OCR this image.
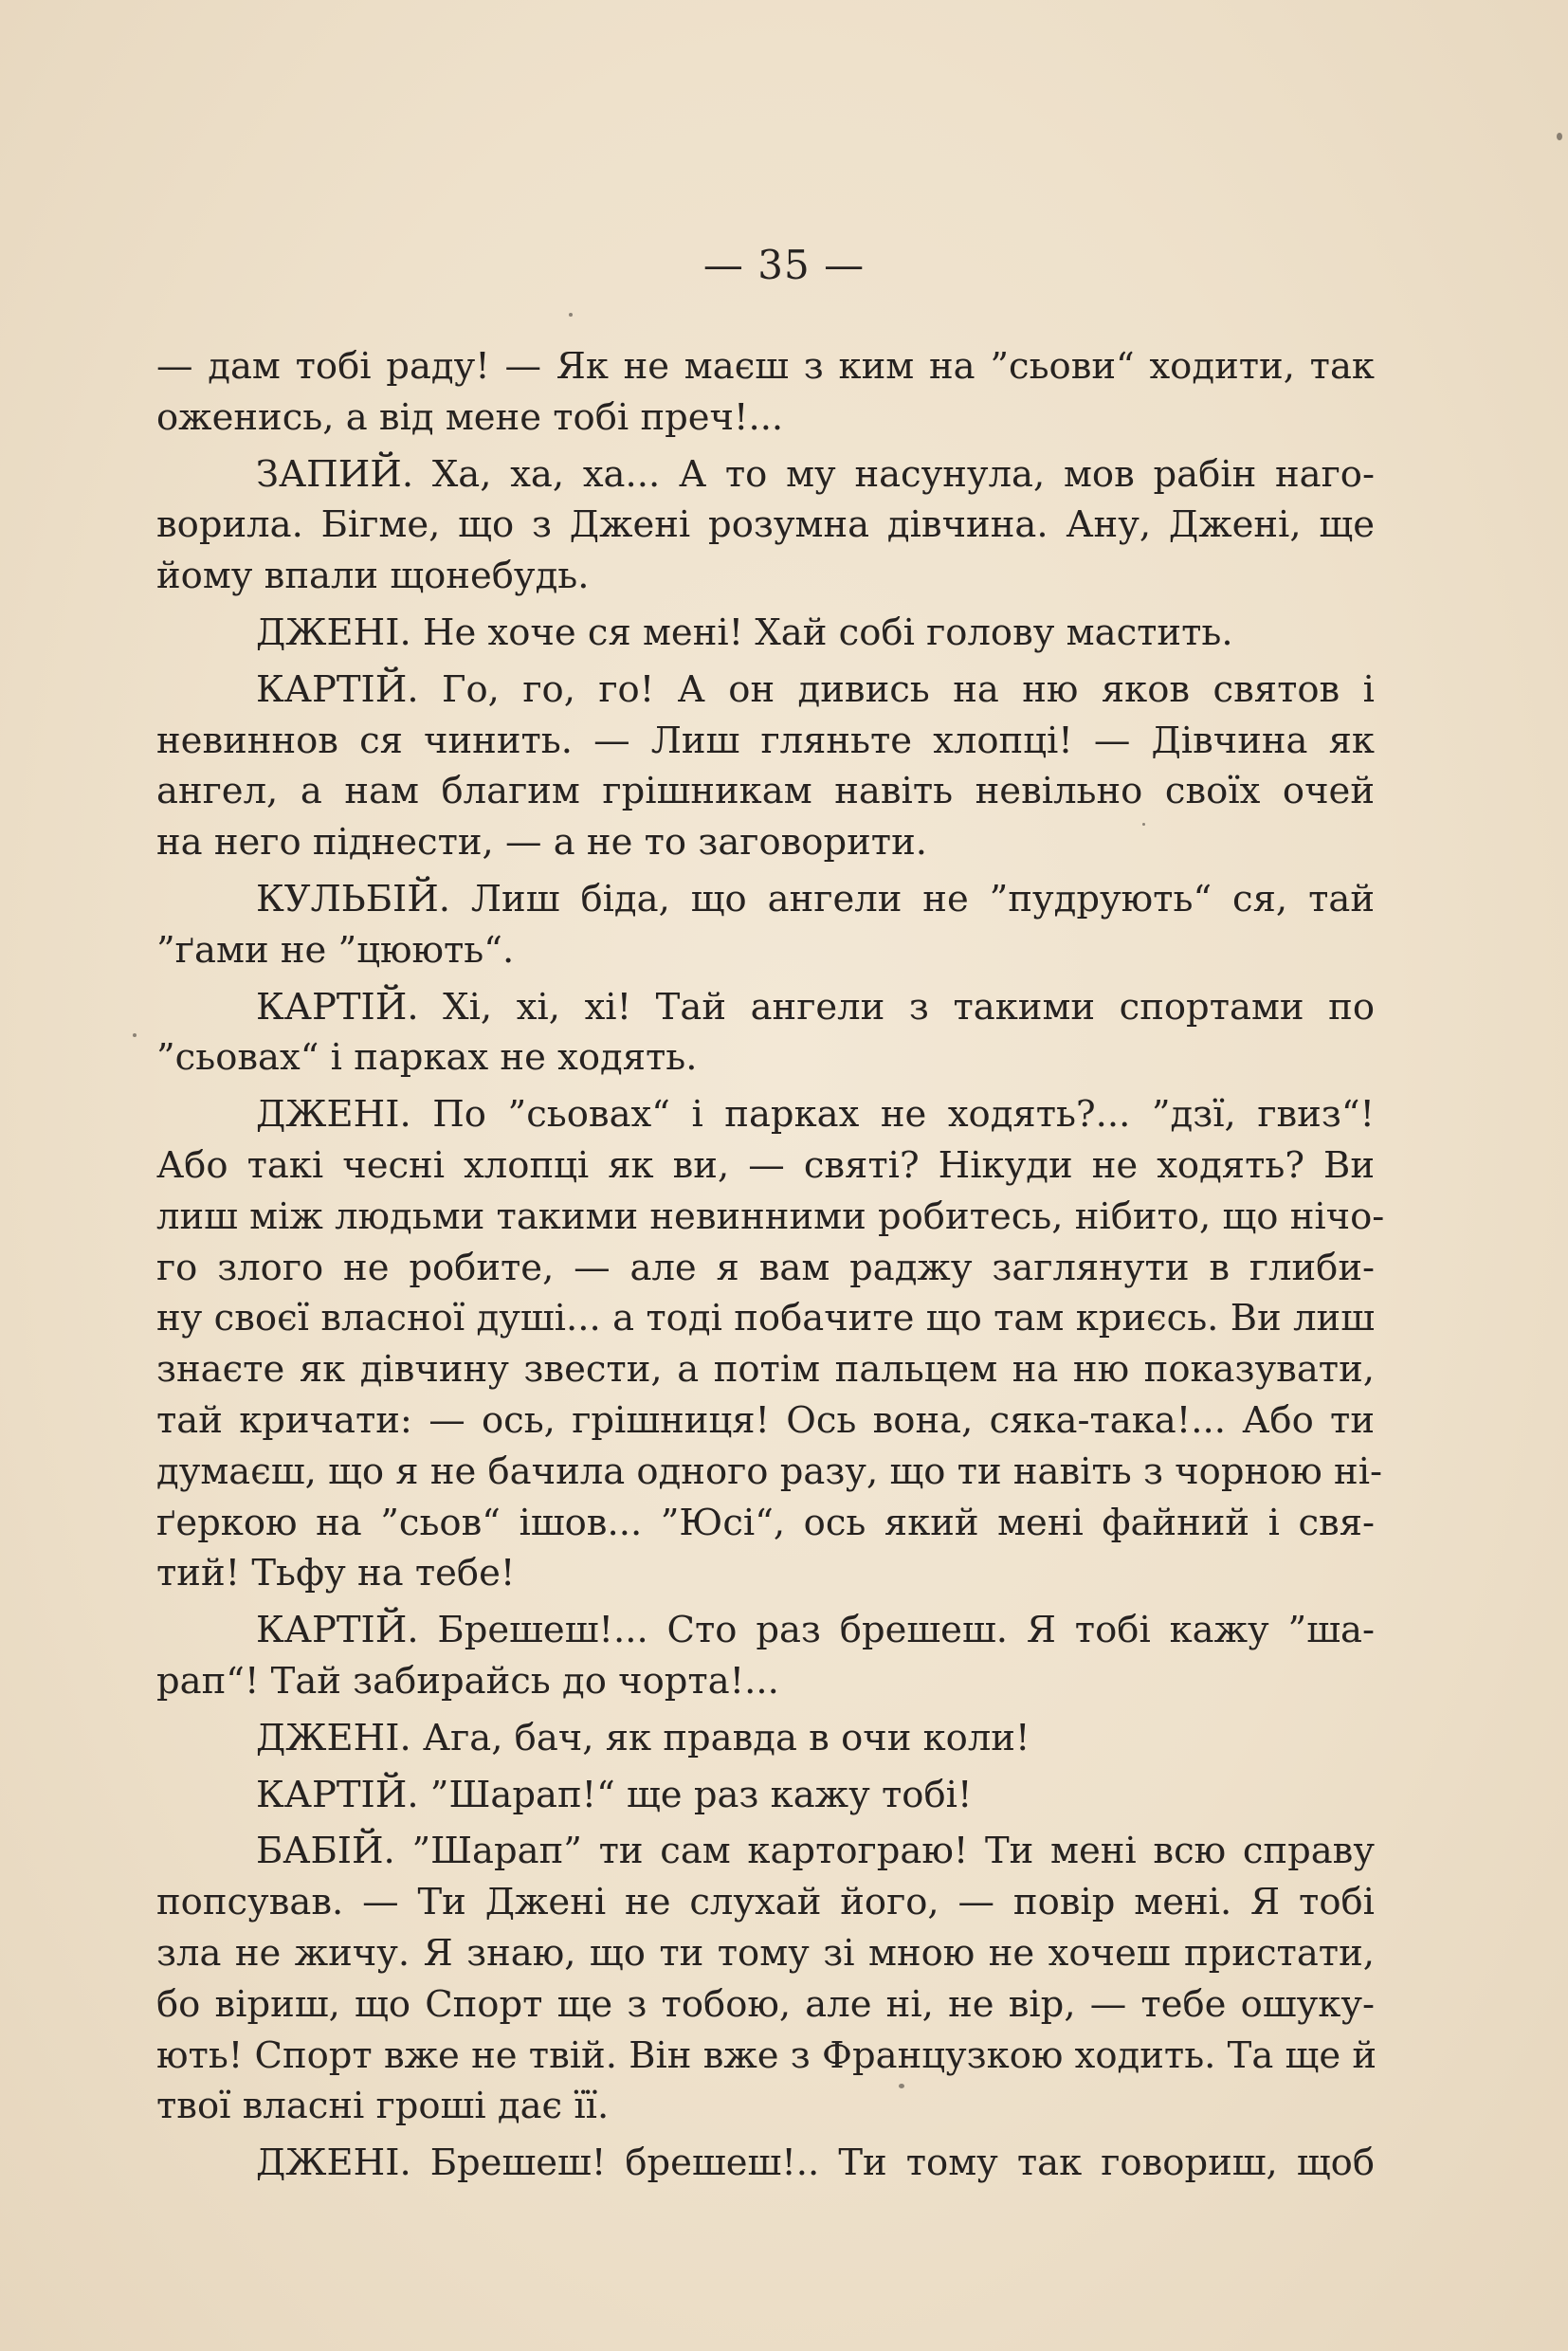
— 35 —
— дам тобі раду! — Як не маєш з ким на ”сьови“ ходити, так
оженись, а від мене тобі преч!...
ЗАПИЙ. Ха, ха, ха... А то му насунула, мов рабін наго-
ворила. Бігме, що з Джені розумна дівчина. Ану, Джені, ще
йому впали щонебудь.
ДЖЕНІ. Не хоче ся мені! Хай собі голову мастить.
КАРТІЙ. Го, го, го! А он дивись на ню яков святов і
невиннов ся чинить. — Лиш гляньте хлопці! — Дівчина як
ангел, а нам благим грішникам навіть невільно своїх очей
на него піднести, — а не то заговорити.
КУЛЬБІЙ. Лиш біда, що ангели не ”пудрують“ ся, тай
”ґами не ”цюють“.
КАРТІЙ. Хі, хі, хі! Тай ангели з такими спортами по
”сьовах“ і парках не ходять.
ДЖЕНІ. По ”сьовах“ і парках не ходять?... ”дзї, гвиз“!
Або такі чесні хлопці як ви, — святі? Нікуди не ходять? Ви
лиш між людьми такими невинними робитесь, нібито, що нічо-
го злого не робите, — але я вам раджу заглянути в глиби-
ну своєї власної душі... а тоді побачите що там криєсь. Ви лиш
знаєте як дівчину звести, а потім пальцем на ню показувати,
тай кричати: — ось, грішниця! Ось вона, сяка-така!... Або ти
думаєш, що я не бачила одного разу, що ти навіть з чорною ні-
ґеркою на ”сьов“ ішов... ”Юсі“, ось який мені файний і свя-
тий! Тьфу на тебе!
КАРТІЙ. Брешеш!... Сто раз брешеш. Я тобі кажу ”ша-
рап“! Тай забирайсь до чорта!...
ДЖЕНІ. Ага, бач, як правда в очи коли!
КАРТІЙ. ”Шарап!“ ще раз кажу тобі!
БАБІЙ. ”Шарап” ти сам картограю! Ти мені всю справу
попсував. — Ти Джені не слухай його, — повір мені. Я тобі
зла не жичу. Я знаю, що ти тому зі мною не хочеш пристати,
бо віриш, що Спорт ще з тобою, але ні, не вір, — тебе ошуку-
ють! Спорт вже не твій. Він вже з Французкою ходить. Та ще й
твої власні гроші дає її.
ДЖЕНІ. Брешеш! брешеш!.. Ти тому так говориш, щоб
